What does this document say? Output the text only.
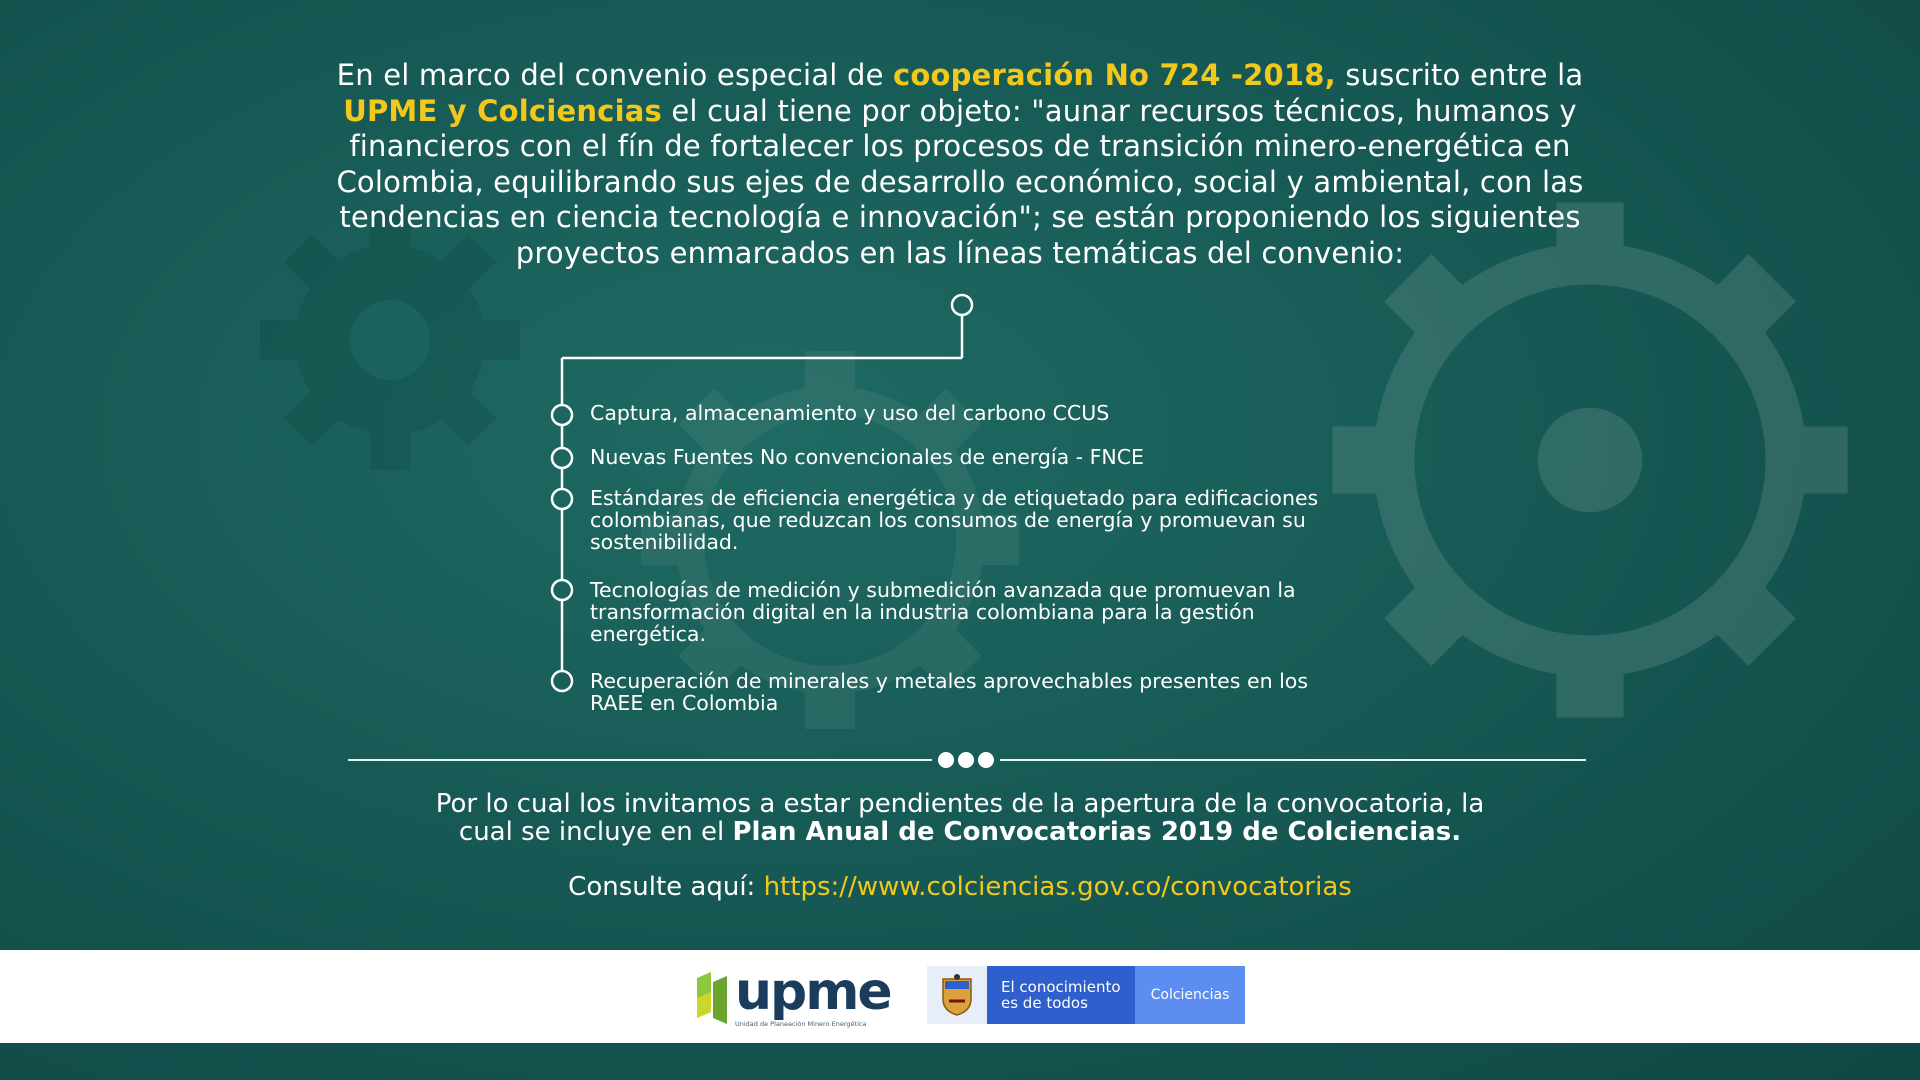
En el marco del convenio especial de cooperación No 724 -2018, suscrito entre la UPME y Colciencias el cual tiene por objeto: "aunar recursos técnicos, humanos y financieros con el fín de fortalecer los procesos de transición minero-energética en Colombia, equilibrando sus ejes de desarrollo económico, social y ambiental, con las tendencias en ciencia tecnología e innovación"; se están proponiendo los siguientes proyectos enmarcados en las líneas temáticas del convenio:
Captura, almacenamiento y uso del carbono CCUS
Nuevas Fuentes No convencionales de energía - FNCE
Estándares de eficiencia energética y de etiquetado para edificaciones
colombianas, que reduzcan los consumos de energía y promuevan su
sostenibilidad.
Tecnologías de medición y submedición avanzada que promuevan la
transformación digital en la industria colombiana para la gestión
energética.
Recuperación de minerales y metales aprovechables presentes en los
RAEE en Colombia
Por lo cual los invitamos a estar pendientes de la apertura de la convocatoria, la
cual se incluye en el Plan Anual de Convocatorias 2019 de Colciencias.
Consulte aquí: https://www.colciencias.gov.co/convocatorias
upme
Unidad de Planeación Minero Energética
El conocimiento
es de todos	Colciencias
